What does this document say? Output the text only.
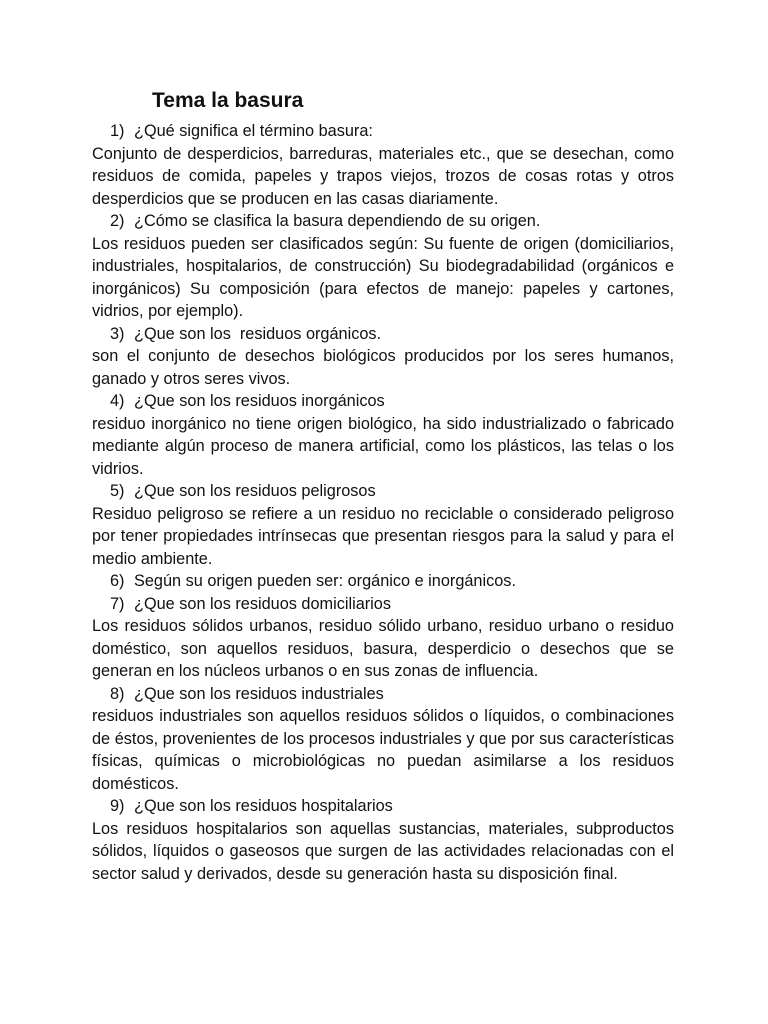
Tema la basura
1) ¿Qué significa el término basura:

Conjunto de desperdicios, barreduras, materiales etc., que se desechan, como residuos de comida, papeles y trapos viejos, trozos de cosas rotas y otros desperdicios que se producen en las casas diariamente.

2) ¿Cómo se clasifica la basura dependiendo de su origen.

Los residuos pueden ser clasificados según: Su fuente de origen (domiciliarios, industriales, hospitalarios, de construcción) Su biodegradabilidad (orgánicos e inorgánicos) Su composición (para efectos de manejo: papeles y cartones, vidrios, por ejemplo).

3) ¿Que son los  residuos orgánicos.

son el conjunto de desechos biológicos producidos por los seres humanos, ganado y otros seres vivos.

4) ¿Que son los residuos inorgánicos

residuo inorgánico no tiene origen biológico, ha sido industrializado o fabricado mediante algún proceso de manera artificial, como los plásticos, las telas o los vidrios.

5) ¿Que son los residuos peligrosos

Residuo peligroso se refiere a un residuo no reciclable o considerado peligroso por tener propiedades intrínsecas que presentan riesgos para la salud y para el medio ambiente.

6) Según su origen pueden ser: orgánico e inorgánicos.
7) ¿Que son los residuos domiciliarios

Los residuos sólidos urbanos, residuo sólido urbano, residuo urbano o residuo doméstico, son aquellos residuos, basura, desperdicio o desechos que se generan en los núcleos urbanos o en sus zonas de influencia.

8) ¿Que son los residuos industriales

residuos industriales son aquellos residuos sólidos o líquidos, o combinaciones de éstos, provenientes de los procesos industriales y que por sus características físicas, químicas o microbiológicas no puedan asimilarse a los residuos domésticos.

9) ¿Que son los residuos hospitalarios

Los residuos hospitalarios son aquellas sustancias, materiales, subproductos sólidos, líquidos o gaseosos que surgen de las actividades relacionadas con el sector salud y derivados, desde su generación hasta su disposición final.
